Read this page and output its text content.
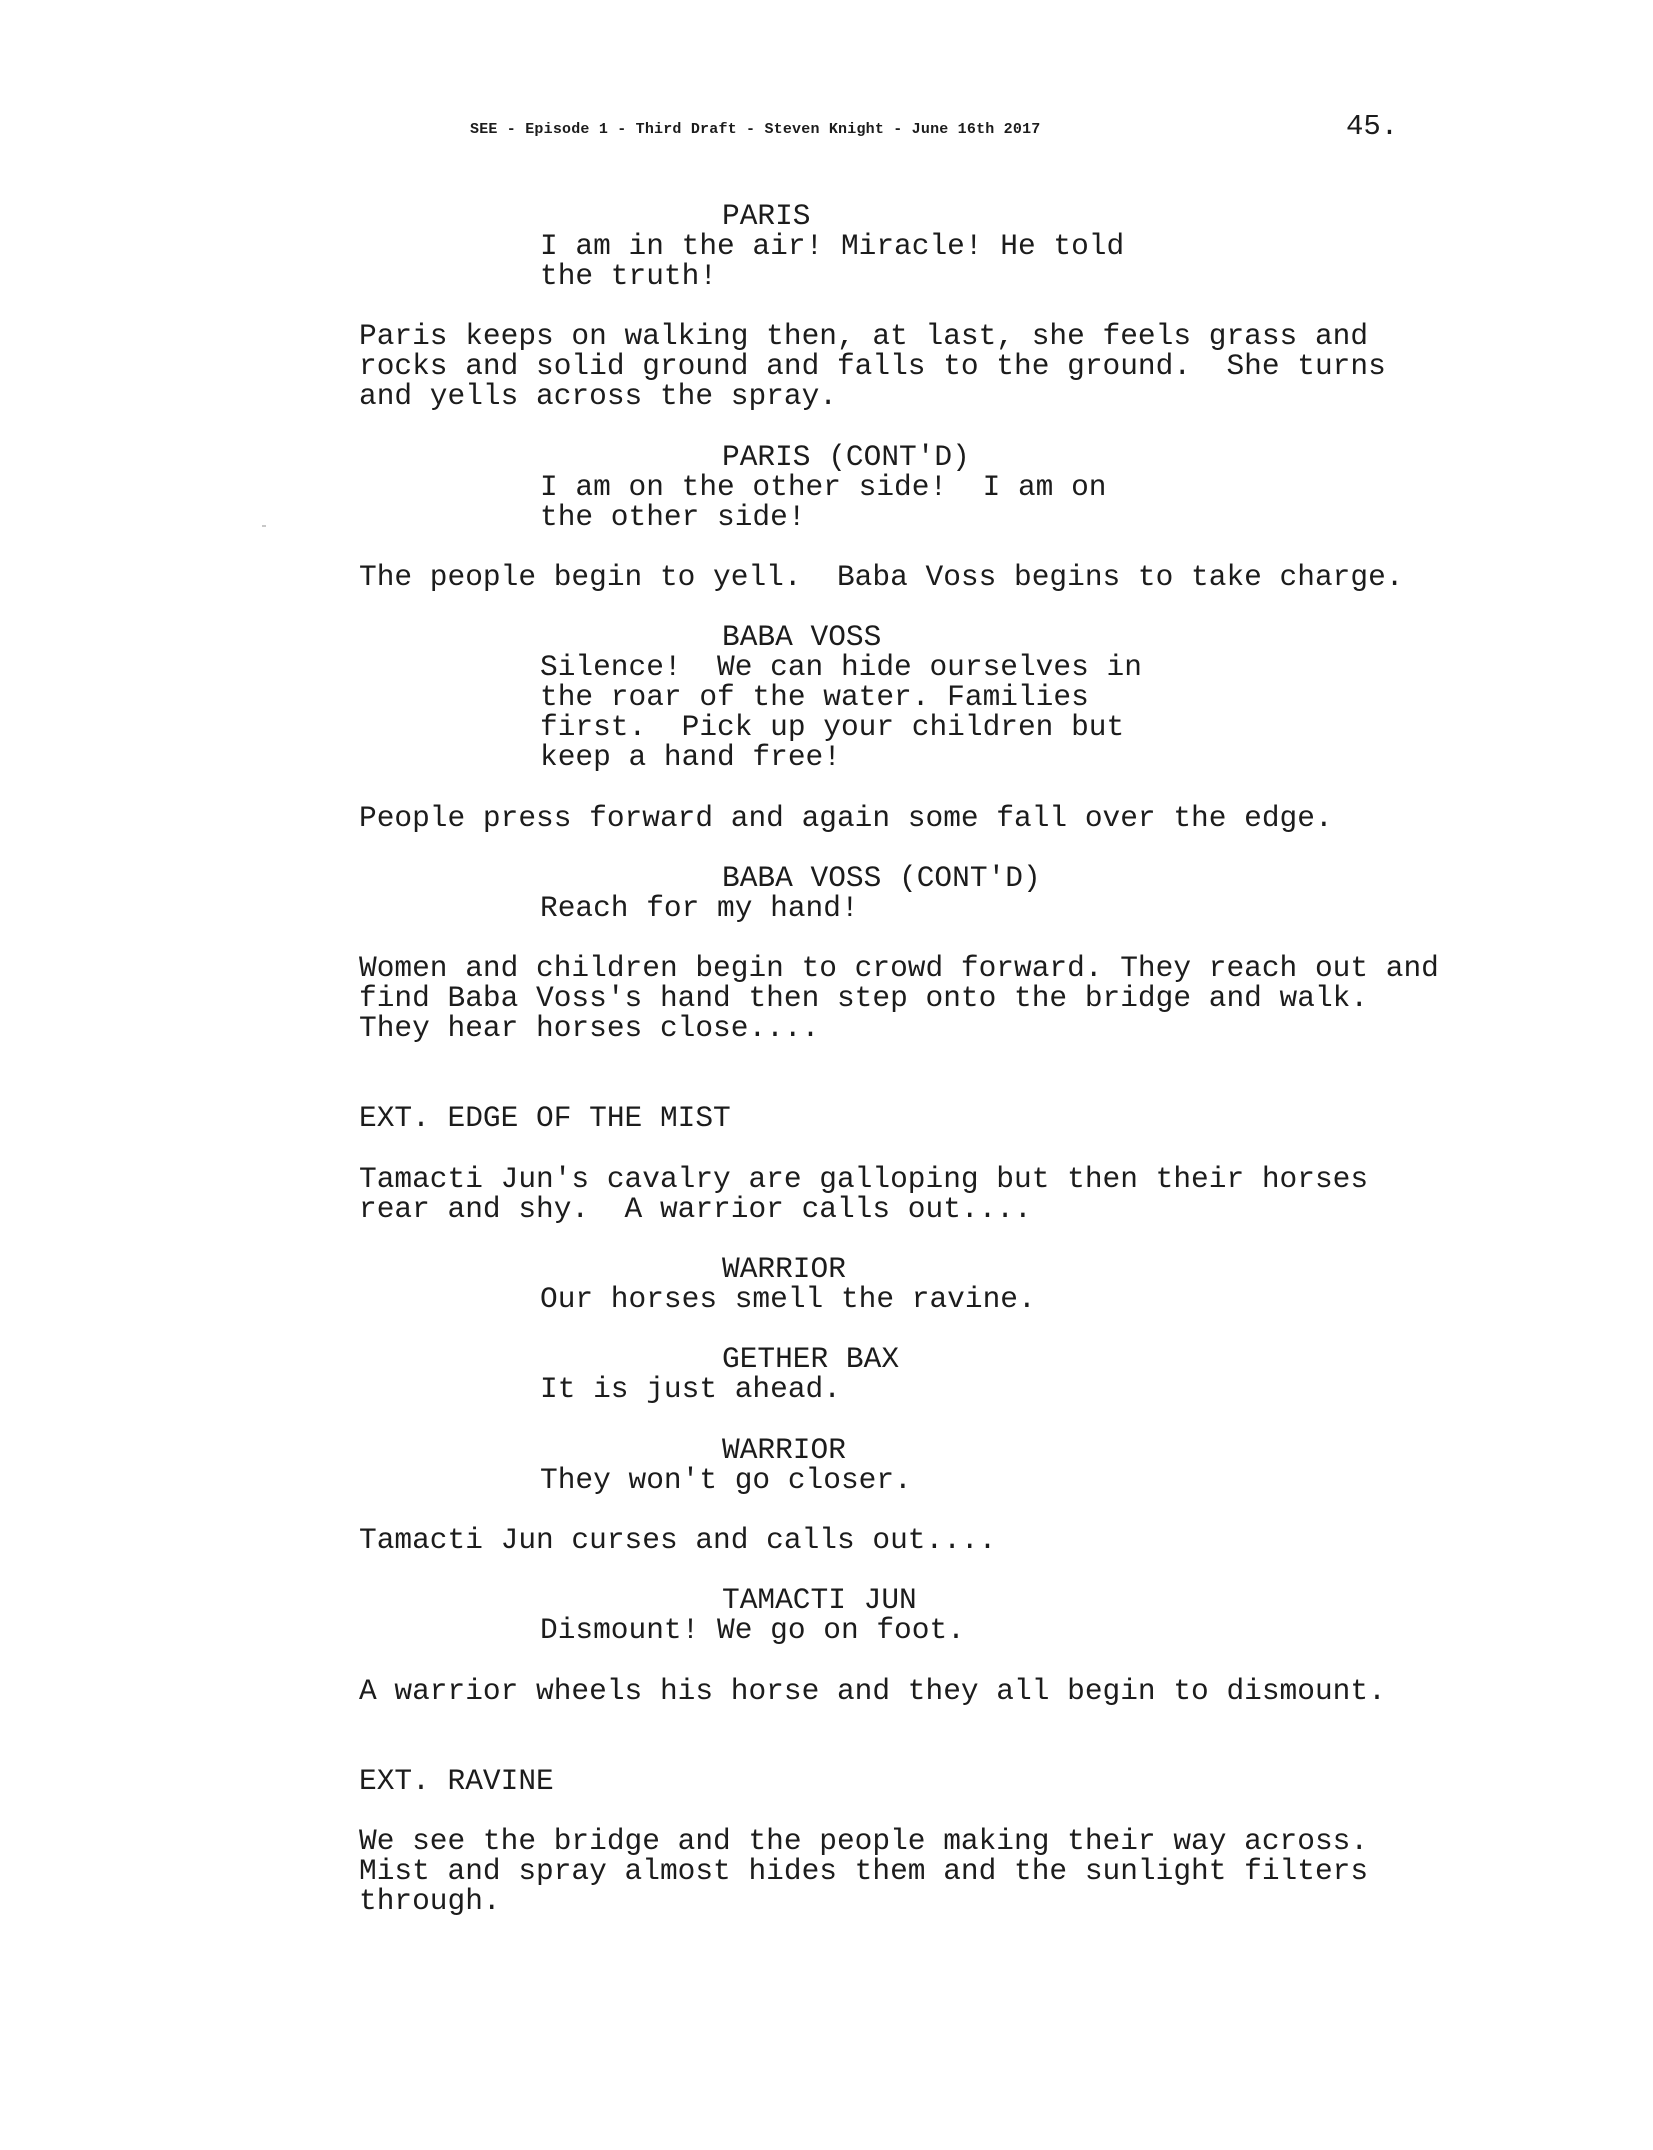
SEE - Episode 1 - Third Draft - Steven Knight - June 16th 2017	45.
PARIS
I am in the air! Miracle! He told
the truth!
Paris keeps on walking then, at last, she feels grass and
rocks and solid ground and falls to the ground.  She turns
and yells across the spray.
PARIS (CONT'D)
I am on the other side!  I am on
the other side!
The people begin to yell.  Baba Voss begins to take charge.
BABA VOSS
Silence!  We can hide ourselves in
the roar of the water. Families
first.  Pick up your children but
keep a hand free!
People press forward and again some fall over the edge.
BABA VOSS (CONT'D)
Reach for my hand!
Women and children begin to crowd forward. They reach out and
find Baba Voss's hand then step onto the bridge and walk.
They hear horses close....
EXT. EDGE OF THE MIST
Tamacti Jun's cavalry are galloping but then their horses
rear and shy.  A warrior calls out....
WARRIOR
Our horses smell the ravine.
GETHER BAX
It is just ahead.
WARRIOR
They won't go closer.
Tamacti Jun curses and calls out....
TAMACTI JUN
Dismount! We go on foot.
A warrior wheels his horse and they all begin to dismount.
EXT. RAVINE
We see the bridge and the people making their way across.
Mist and spray almost hides them and the sunlight filters
through.
